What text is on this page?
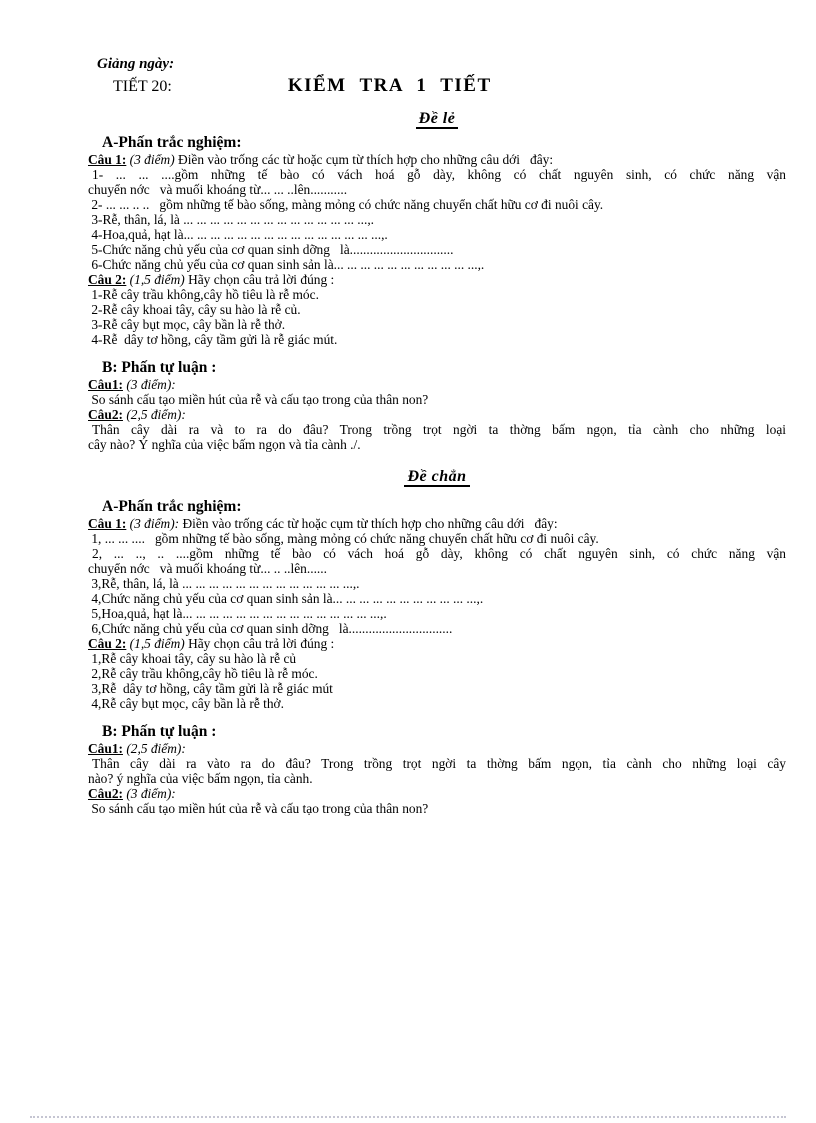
Giảng ngày:
TIẾT 20:	KIỂM TRA 1 TIẾT
Đề lẻ
A-Phấn trắc nghiệm:
Câu 1: (3 điểm) Điền vào trống các từ hoặc cụm từ thích hợp cho những câu dới   đây:
1- ... ... ....gồm những tế bào có vách hoá gỗ dày, không có chất nguyên sinh, có chức năng vận
chuyển nớc   và muối khoáng từ... ... ..lên...........
2- ... ... .. ..   gồm những tế bào sống, màng mỏng có chức năng chuyển chất hữu cơ đi nuôi cây.
3-Rễ, thân, lá, là ... ... ... ... ... ... ... ... ... ... ... ... ... ...,.
4-Hoa,quả, hạt là... ... ... ... ... ... ... ... ... ... ... ... ... ... ...,.
5-Chức năng chủ yếu của cơ quan sinh dỡng   là...............................
6-Chức năng chủ yếu của cơ quan sinh sản là... ... ... ... ... ... ... ... ... ... ...,.
Câu 2: (1,5 điểm) Hãy chọn câu trả lời đúng :
1-Rễ cây trầu không,cây hồ tiêu là rễ móc.
2-Rễ cây khoai tây, cây su hào là rễ củ.
3-Rễ cây bụt mọc, cây bần là rễ thở.
4-Rễ  dây tơ hồng, cây tầm gửi là rễ giác mút.
B: Phấn tự luận :
Câu1: (3 điểm):
So sánh cấu tạo miền hút của rễ và cấu tạo trong của thân non?
Câu2: (2,5 điểm):
Thân cây dài ra và to ra do đâu? Trong trồng trọt ngời ta thờng bấm ngọn, tỉa cành cho những loại
cây nào? Ý nghĩa của việc bấm ngọn và tỉa cành ./.
Đề chẳn
A-Phấn trắc nghiệm:
Câu 1: (3 điểm): Điền vào trống các từ hoặc cụm từ thích hợp cho những câu dới   đây:
1, ... ... ....   gồm những tế bào sống, màng mỏng có chức năng chuyển chất hữu cơ đi nuôi cây.
2, ... .., .. ....gồm những tế bào có vách hoá gỗ dày, không có chất nguyên sinh, có chức năng vận
chuyển nớc   và muối khoáng từ... .. ..lên......
3,Rễ, thân, lá, là ... ... ... ... ... ... ... ... ... ... ... ... ...,.
4,Chức năng chủ yếu của cơ quan sinh sản là... ... ... ... ... ... ... ... ... ... ...,.
5,Hoa,quả, hạt là... ... ... ... ... ... ... ... ... ... ... ... ... ... ...,.
6,Chức năng chủ yếu của cơ quan sinh dỡng   là...............................
Câu 2: (1,5 điểm) Hãy chọn câu trả lời đúng :
1,Rễ cây khoai tây, cây su hào là rễ củ
2,Rễ cây trầu không,cây hồ tiêu là rễ móc.
3,Rễ  dây tơ hồng, cây tầm gửi là rễ giác mút
4,Rễ cây bụt mọc, cây bần là rễ thở.
B: Phấn tự luận :
Câu1: (2,5 điểm):
Thân cây dài ra vàto ra do đâu? Trong trồng trọt ngời ta thờng bấm ngọn, tỉa cành cho những loại cây
nào? ý nghĩa của việc bấm ngọn, tỉa cành.
Câu2: (3 điểm):
So sánh cấu tạo miền hút của rễ và cấu tạo trong của thân non?
